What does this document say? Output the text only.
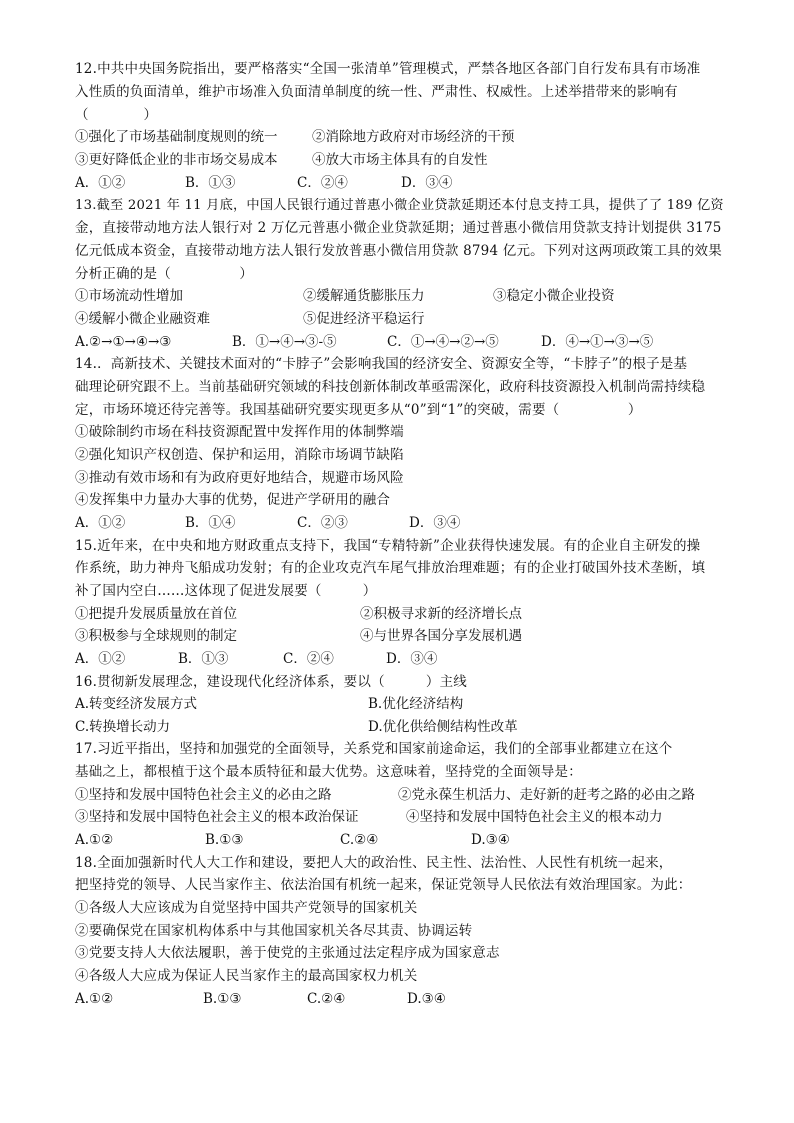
12.中共中央国务院指出，要严格落实“全国一张清单”管理模式，严禁各地区各部门自行发布具有市场准
入性质的负面清单，维护市场准入负面清单制度的统一性、严肃性、权威性。上述举措带来的影响有
（　　　　）
①强化了市场基础制度规则的统一	②消除地方政府对市场经济的干预
③更好降低企业的非市场交易成本	④放大市场主体具有的自发性
A．①②	B．①③	C．②④	D．③④
13.截至 2021 年 11 月底，中国人民银行通过普惠小微企业贷款延期还本付息支持工具，提供了了 189 亿资
金，直接带动地方法人银行对 2 万亿元普惠小微企业贷款延期；通过普惠小微信用贷款支持计划提供 3175
亿元低成本资金，直接带动地方法人银行发放普惠小微信用贷款 8794 亿元。下列对这两项政策工具的效果
分析正确的是（　　　　　）
①市场流动性增加	②缓解通货膨胀压力	③稳定小微企业投资
④缓解小微企业融资难	⑤促进经济平稳运行
A.②→①→④→③	B．①→④→③-⑤	C．①→④→②→⑤	D．④→①→③→⑤
14.．高新技术、关键技术面对的“卡脖子”会影响我国的经济安全、资源安全等，“卡脖子”的根子是基
础理论研究跟不上。当前基础研究领域的科技创新体制改革亟需深化，政府科技资源投入机制尚需持续稳
定，市场环境还待完善等。我国基础研究要实现更多从“0”到“1”的突破，需要（　　　　　）
①破除制约市场在科技资源配置中发挥作用的体制弊端
②强化知识产权创造、保护和运用，消除市场调节缺陷
③推动有效市场和有为政府更好地结合，规避市场风险
④发挥集中力量办大事的优势，促进产学研用的融合
A．①②	B．①④	C．②③	D．③④
15.近年来，在中央和地方财政重点支持下，我国“专精特新”企业获得快速发展。有的企业自主研发的操
作系统，助力神舟飞船成功发射；有的企业攻克汽车尾气排放治理难题；有的企业打破国外技术垄断，填
补了国内空白……这体现了促进发展要（　　　）
①把提升发展质量放在首位	②积极寻求新的经济增长点
③积极参与全球规则的制定	④与世界各国分享发展机遇
A．①②	B．①③	C．②④	D．③④
16.贯彻新发展理念，建设现代化经济体系，要以（　　　）主线
A.转变经济发展方式	B.优化经济结构
C.转换增长动力	D.优化供给侧结构性改革
17.习近平指出，坚持和加强党的全面领导，关系党和国家前途命运，我们的全部事业都建立在这个
基础之上，都根植于这个最本质特征和最大优势。这意味着，坚持党的全面领导是：
①坚持和发展中国特色社会主义的必由之路	②党永葆生机活力、走好新的赶考之路的必由之路
③坚持和发展中国特色社会主义的根本政治保证	④坚持和发展中国特色社会主义的根本动力
A.①②	B.①③	C.②④	D.③④
18.全面加强新时代人大工作和建设，要把人大的政治性、民主性、法治性、人民性有机统一起来，
把坚持党的领导、人民当家作主、依法治国有机统一起来，保证党领导人民依法有效治理国家。为此：
①各级人大应该成为自觉坚持中国共产党领导的国家机关
②要确保党在国家机构体系中与其他国家机关各尽其责、协调运转
③党要支持人大依法履职，善于使党的主张通过法定程序成为国家意志
④各级人大应成为保证人民当家作主的最高国家权力机关
A.①②	B.①③	C.②④	D.③④
